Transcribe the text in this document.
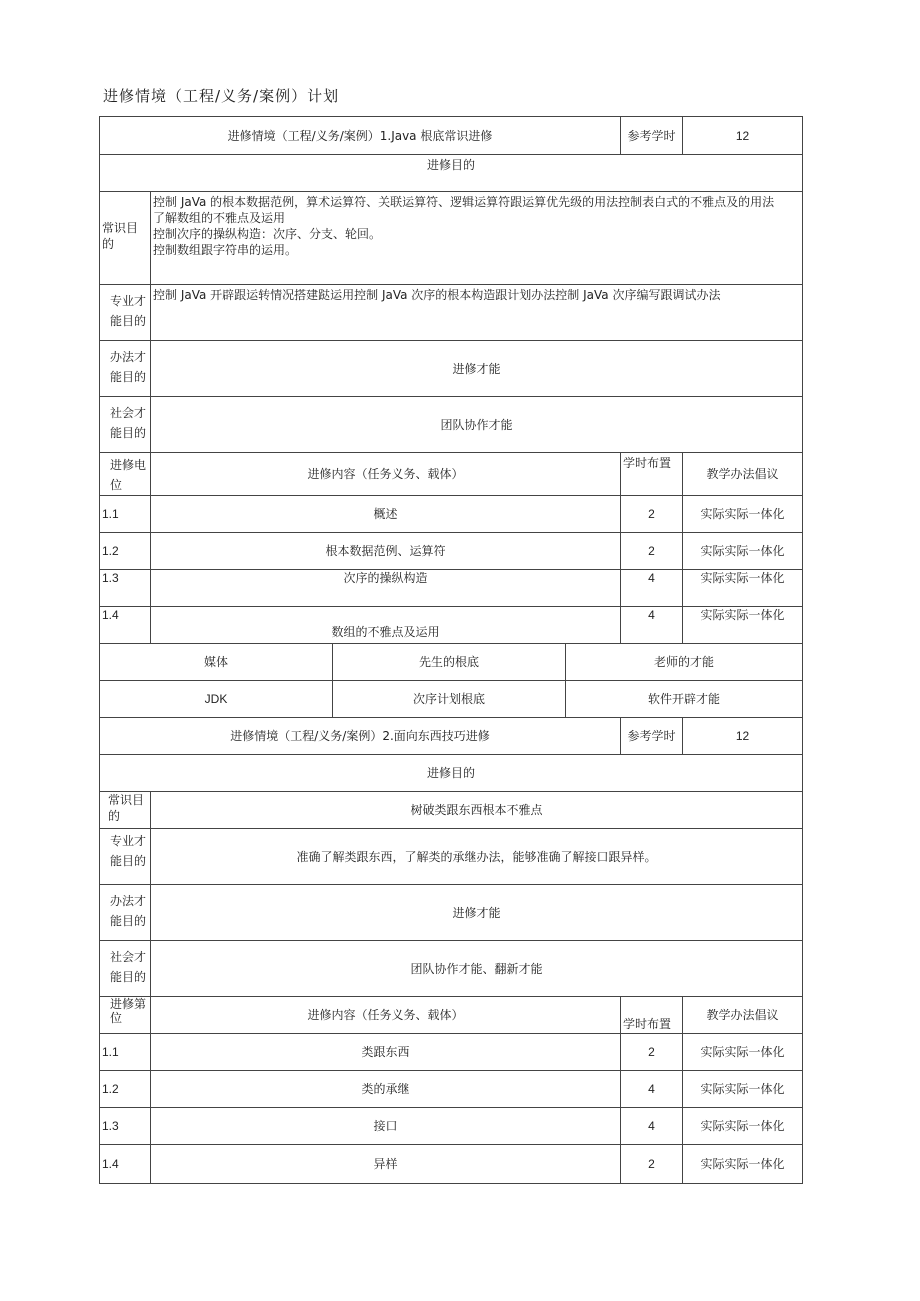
进修情境（工程/义务/案例）计划
进修情境（工程/义务/案例）1.Java 根底常识进修				参考学时	12
进修目的					
常识目的	控制 JaVa 的根本数据范例，算术运算符、关联运算符、逻辑运算符跟运算优先级的用法控制表白式的不雅点及的用法
了解数组的不雅点及运用
控制次序的操纵构造：次序、分支、轮回。
控制数组跟字符串的运用。				

专业才能目的	控制 JaVa 开辟跟运转情况搭建跶运用控制 JaVa 次序的根本构造跟计划办法控制 JaVa 次序编写跟调试办法				
办法才能目的	进修才能				
社会才能目的	团队协作才能				
进修电位	进修内容（任务义务、载体）			学时布置	教学办法倡议
1.1	概述			2	实际实际一体化
1.2	根本数据范例、运算符			2	实际实际一体化
1.3	次序的操纵构造			4	实际实际一体化
1.4	数组的不雅点及运用			4	实际实际一体化
媒体		先生的根底	老师的才能		
JDK		次序计划根底	软件开辟才能		
进修情境（工程/义务/案例）2.面向东西技巧进修				参考学时	12
进修目的					
常识目的	树破类跟东西根本不雅点				
专业才能目的	准确了解类跟东西，了解类的承继办法，能够准确了解接口跟异样。				
办法才能目的	进修才能				
社会才能目的	团队协作才能、翻新才能				
进修第位	进修内容（任务义务、载体）			学时布置	教学办法倡议
1.1	类跟东西			2	实际实际一体化
1.2	类的承继			4	实际实际一体化
1.3	接口			4	实际实际一体化
1.4	异样			2	实际实际一体化
